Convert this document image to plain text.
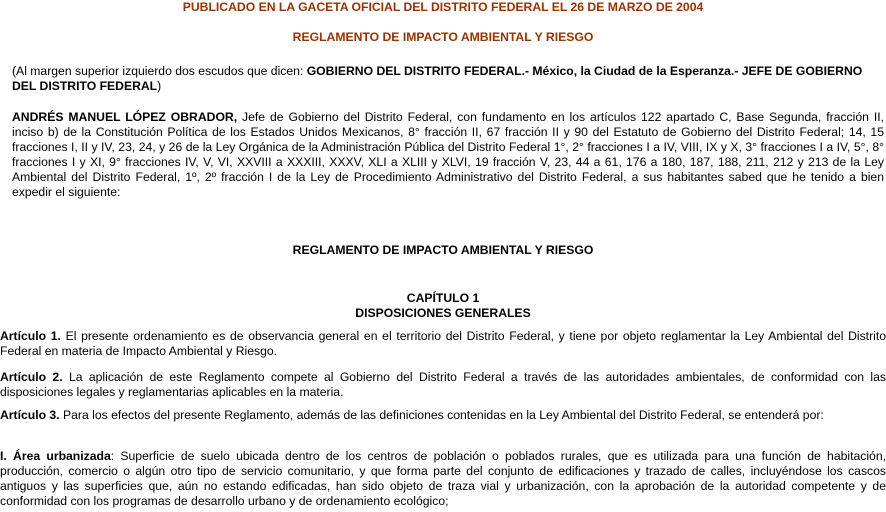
PUBLICADO EN LA GACETA OFICIAL DEL DISTRITO FEDERAL EL 26 DE MARZO DE 2004
REGLAMENTO DE IMPACTO AMBIENTAL Y RIESGO

(Al margen superior izquierdo dos escudos que dicen: GOBIERNO DEL DISTRITO FEDERAL.- México, la Ciudad de la Esperanza.- JEFE DE GOBIERNO DEL DISTRITO FEDERAL)

ANDRÉS MANUEL LÓPEZ OBRADOR, Jefe de Gobierno del Distrito Federal, con fundamento en los artículos 122 apartado C, Base Segunda, fracción II, inciso b) de la Constitución Política de los Estados Unidos Mexicanos, 8° fracción II, 67 fracción II y 90 del Estatuto de Gobierno del Distrito Federal; 14, 15 fracciones I, II y IV, 23, 24, y 26 de la Ley Orgánica de la Administración Pública del Distrito Federal 1°, 2° fracciones I a IV, VIII, IX y X, 3° fracciones I a IV, 5°, 8° fracciones I y XI, 9° fracciones IV, V, VI, XXVIII a XXXIII, XXXV, XLI a XLIII y XLVI, 19 fracción V, 23, 44 a 61, 176 a 180, 187, 188, 211, 212 y 213 de la Ley Ambiental del Distrito Federal, 1º, 2º fracción I de la Ley de Procedimiento Administrativo del Distrito Federal, a sus habitantes sabed que he tenido a bien expedir el siguiente:

REGLAMENTO DE IMPACTO AMBIENTAL Y RIESGO
CAPÍTULO 1
DISPOSICIONES GENERALES

Artículo 1. El presente ordenamiento es de observancia general en el territorio del Distrito Federal, y tiene por objeto reglamentar la Ley Ambiental del Distrito Federal en materia de Impacto Ambiental y Riesgo.

Artículo 2. La aplicación de este Reglamento compete al Gobierno del Distrito Federal a través de las autoridades ambientales, de conformidad con las disposiciones legales y reglamentarias aplicables en la materia.

Artículo 3. Para los efectos del presente Reglamento, además de las definiciones contenidas en la Ley Ambiental del Distrito Federal, se entenderá por:

I. Área urbanizada: Superficie de suelo ubicada dentro de los centros de población o poblados rurales, que es utilizada para una función de habitación, producción, comercio o algún otro tipo de servicio comunitario, y que forma parte del conjunto de edificaciones y trazado de calles, incluyéndose los cascos antiguos y las superficies que, aún no estando edificadas, han sido objeto de traza vial y urbanización, con la aprobación de la autoridad competente y de conformidad con los programas de desarrollo urbano y de ordenamiento ecológico;
